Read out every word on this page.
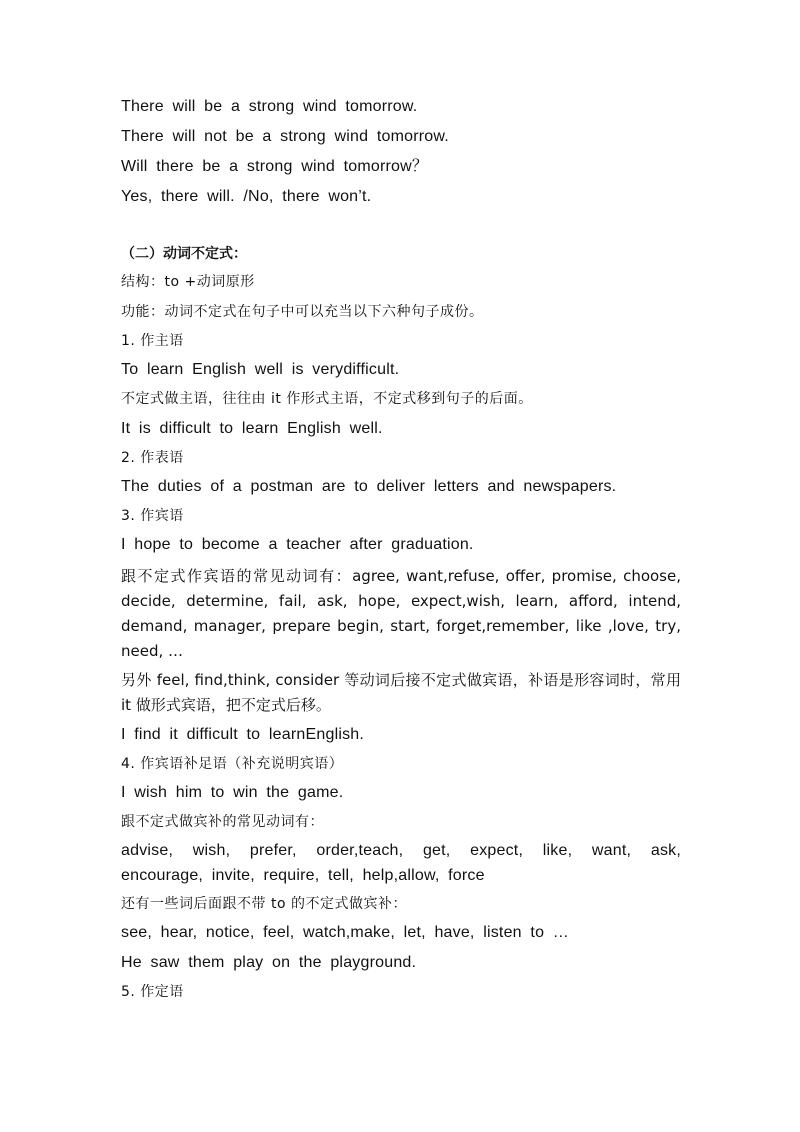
There will be a strong wind tomorrow.

There will not be a strong wind tomorrow.

Will there be a strong wind tomorrow？

Yes, there will. /No, there won’t.

（二）动词不定式：

结构：to +动词原形

功能：动词不定式在句子中可以充当以下六种句子成份。

1. 作主语

To learn English well is verydifficult.

不定式做主语，往往由 it 作形式主语，不定式移到句子的后面。

It is difficult to learn English well.

2. 作表语

The duties of a postman are to deliver letters and newspapers.

3. 作宾语

I hope to become a teacher after graduation.

跟不定式作宾语的常见动词有：agree, want,refuse, offer, promise, choose, decide, determine, fail, ask, hope, expect,wish, learn, afford, intend, demand, manager, prepare begin, start, forget,remember, like ,love, try, need, …

另外 feel, find,think, consider 等动词后接不定式做宾语，补语是形容词时，常用 it 做形式宾语，把不定式后移。

I find it difficult to learnEnglish.

4. 作宾语补足语（补充说明宾语）

I wish him to win the game.

跟不定式做宾补的常见动词有：

advise, wish, prefer, order,teach, get, expect, like, want, ask, encourage, invite, require, tell, help,allow, force

还有一些词后面跟不带 to 的不定式做宾补：

see, hear, notice, feel, watch,make, let, have, listen to …

He saw them play on the playground.

5. 作定语
